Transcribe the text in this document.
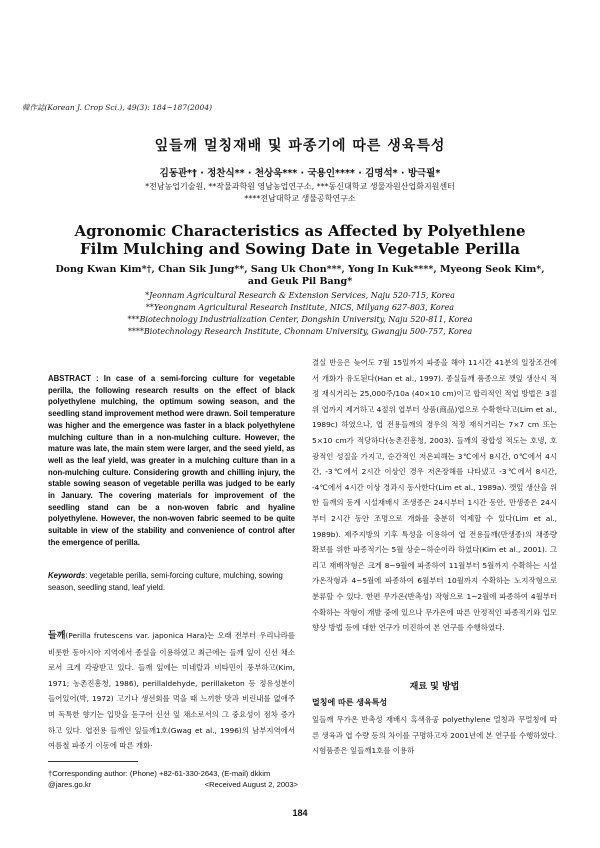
韓作誌(Korean J. Crop Sci.), 49(3): 184~187(2004)
잎들깨 멀칭재배 및 파종기에 따른 생육특성
김동관*† · 정찬식** · 천상욱*** · 국용인**** · 김명석* · 방극필*
*전남농업기술원, **작물과학원 영남농업연구소, ***동신대학교 생물자원산업화지원센터
****전남대학교 생물공학연구소
Agronomic Characteristics as Affected by Polyethlene
Film Mulching and Sowing Date in Vegetable Perilla
Dong Kwan Kim*†, Chan Sik Jung**, Sang Uk Chon***, Yong In Kuk****, Myeong Seok Kim*,
and Geuk Pil Bang*
*Jeonnam Agricultural Research & Extension Services, Naju 520-715, Korea
**Yeongnam Agricultural Research Institute, NICS, Milyang 627-803, Korea
***Biotechnology Industrialization Center, Dongshin University, Naju 520-811, Korea
****Biotechnology Research Institute, Chonnam University, Gwangju 500-757, Korea
ABSTRACT : In case of a semi-forcing culture for vegetable perilla, the following research results on the effect of black polyethylene mulching, the optimum sowing season, and the seedling stand improvement method were drawn. Soil temperature was higher and the emergence was faster in a black polyethylene mulching culture than in a non-mulching culture. However, the mature was late, the main stem were larger, and the seed yield, as well as the leaf yield, was greater in a mulching culture than in a non-mulching culture. Considering growth and chilling injury, the stable sowing season of vegetable perilla was judged to be early in January. The covering materials for improvement of the seedling stand can be a non-woven fabric and hyaline polyethylene. However, the non-woven fabric seemed to be quite suitable in view of the stability and convenience of control after the emergence of perilla.
Keywords: vegetable perilla, semi-forcing culture, mulching, sowing season, seedling stand, leaf yield.
들깨(Perilla frutescens var. japonica Hara)는 오래 전부터 우리나라를 비롯한 동아시아 지역에서 종실을 이용하였고 최근에는 들깨 잎이 신선 채소로서 크게 각광받고 있다. 들깨 잎에는 미네랄과 비타민이 풍부하고(Kim, 1971; 농촌진흥청, 1986), perillaldehyde, perillaketon 등 정유성분이 들어있어(박, 1972) 고기나 생선회를 먹을 때 느끼한 맛과 비린내를 없애주며 독특한 향기는 입맛을 돋구어 신선 잎 채소로서의 그 중요성이 점차 증가하고 있다. 엽전용 들깨인 잎들깨1호(Gwag et al., 1996)의 남부지역에서 여름철 파종기 이동에 따른 개화·
†Corresponding author: (Phone) +82-61-330-2643, (E-mail) dkkim
@jares.go.kr	<Received August 2, 2003>
결실 반응은 늦어도 7월 15일까지 파종을 해야 11시간 41분의 일장조건에서 개화가 유도된다(Han et al., 1997). 종실들깨 품종으로 깻잎 생산시 적정 재식거리는 25,000주/10a (40×10 cm)이고 합리적인 적엽 방법은 3절위 엽까지 제거하고 4절위 엽부터 상품(商品)엽으로 수확한다고(Lim et al., 1989c) 하였으나, 엽 전용들깨의 경우의 적정 재식거리는 7×7 cm 또는 5×10 cm가 적당하다(농촌진흥청, 2003). 들깨의 광합성 적도는 호냉, 호광적인 성질을 가지고, 순간적인 저온피해는 3℃에서 8시간, 0℃에서 4시간, -3℃에서 2시간 이상인 경우 저온장해를 나타냈고 -3℃에서 8시간, -4℃에서 4시간 이상 경과시 동사한다(Lim et al., 1989a). 깻잎 생산을 위한 들깨의 동계 시설재배시 조생종은 24시부터 1시간 동안, 만생종은 24시부터 2시간 동안 조명으로 개화를 충분히 억제할 수 있다(Lim et al., 1989b). 제주지방의 기후 특성을 이용하여 엽 전용들깨(만생종)의 채종량 확보를 위한 파종적기는 5월 상순~하순이라 하였다(Kim et al., 2001). 그리고 재배작형은 크게 8~9월에 파종하여 11월부터 5월까지 수확하는 시설 가온작형과 4~5월에 파종하여 6월부터 10월까지 수확하는 노지작형으로 분류할 수 있다. 한편 무가온(반촉성) 작형으로 1~2월에 파종하여 4월부터 수확하는 작형이 개발 중에 있으나 무가온에 따른 안정적인 파종적기와 입모향상 방법 등에 대한 연구가 미진하여 본 연구를 수행하였다.
재료 및 방법
멀칭에 따른 생육특성
잎들깨 무가온 반촉성 재배시 흑색유공 polyethylene 멀칭과 무멀칭에 따른 생육과 엽 수량 등의 차이를 구명하고자 2001년에 본 연구를 수행하였다. 시험품종은 잎들깨1호를 이용하
184
